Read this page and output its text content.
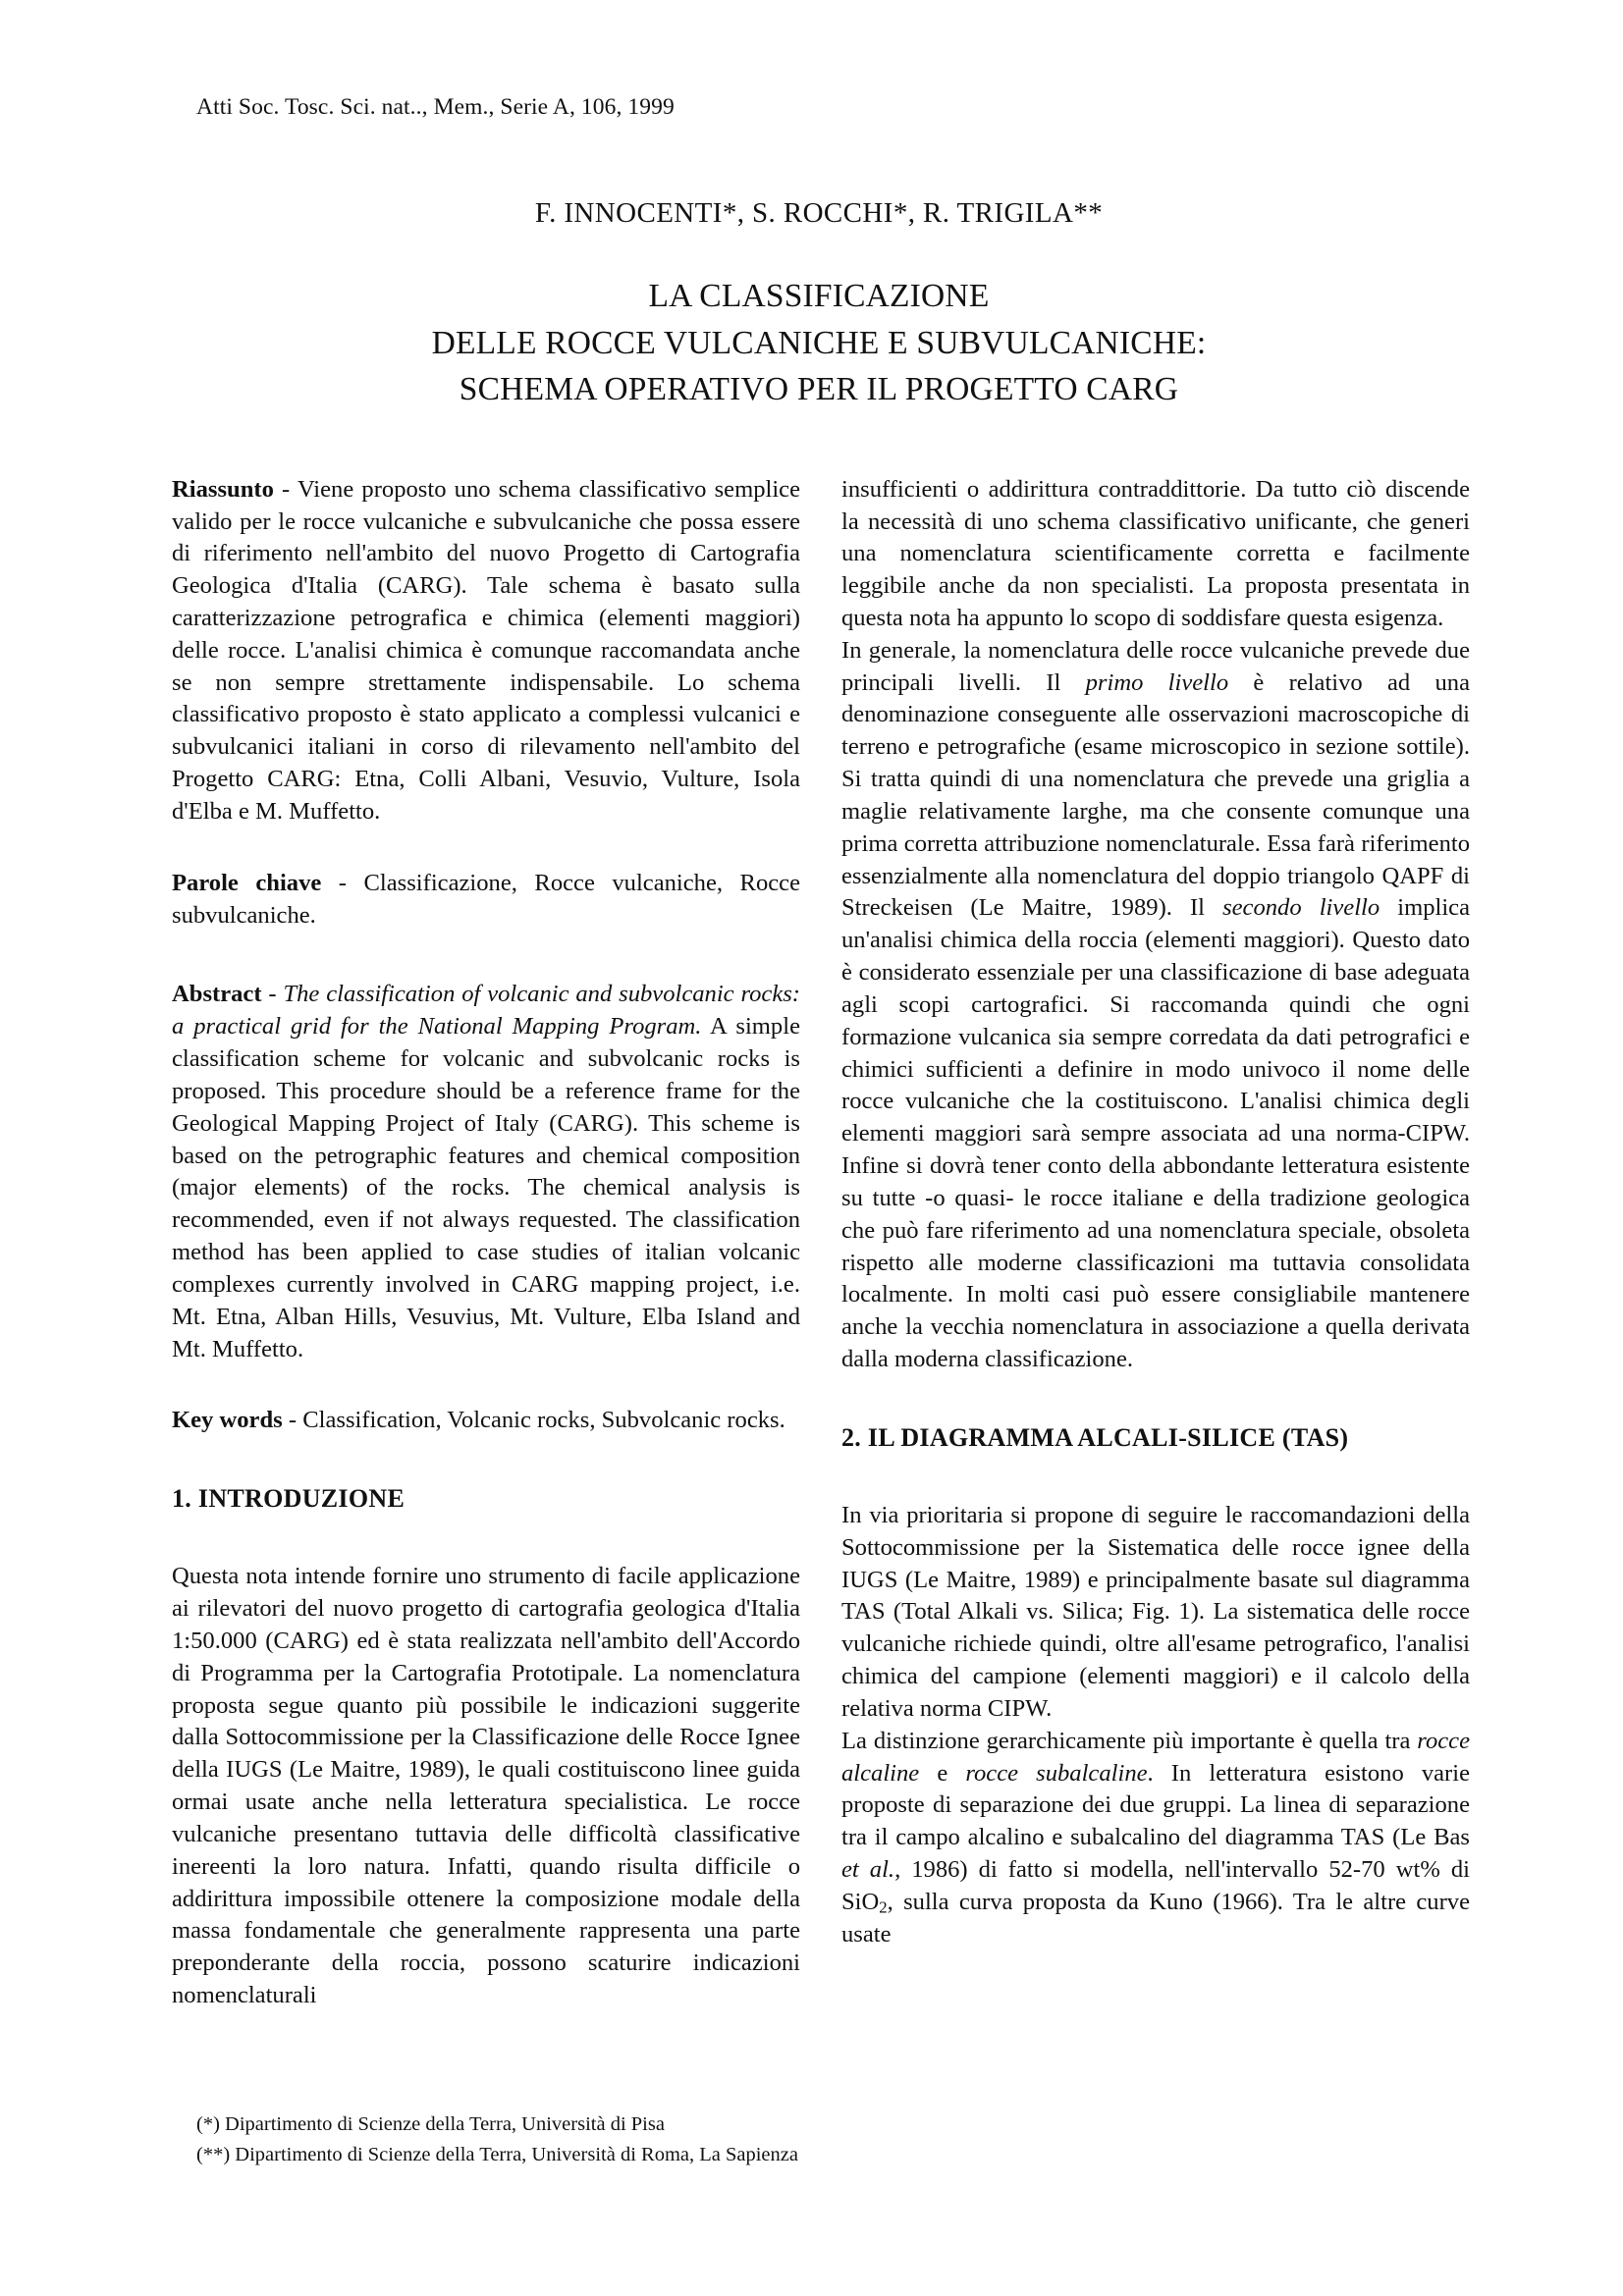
Atti Soc. Tosc. Sci. nat.., Mem., Serie A, 106, 1999
F. INNOCENTI*, S. ROCCHI*, R. TRIGILA**
LA CLASSIFICAZIONE
DELLE ROCCE VULCANICHE E SUBVULCANICHE:
SCHEMA OPERATIVO PER IL PROGETTO CARG

Riassunto - Viene proposto uno schema classificativo semplice valido per le rocce vulcaniche e subvulcaniche che possa essere di riferimento nell'ambito del nuovo Progetto di Cartografia Geologica d'Italia (CARG). Tale schema è basato sulla caratterizzazione petrografica e chimica (elementi maggiori) delle rocce. L'analisi chimica è comunque raccomandata anche se non sempre strettamente indispensabile. Lo schema classificativo proposto è stato applicato a complessi vulcanici e subvulcanici italiani in corso di rilevamento nell'ambito del Progetto CARG: Etna, Colli Albani, Vesuvio, Vulture, Isola d'Elba e M. Muffetto.

Parole chiave - Classificazione, Rocce vulcaniche, Rocce subvulcaniche.

Abstract - The classification of volcanic and subvolcanic rocks: a practical grid for the National Mapping Program. A simple classification scheme for volcanic and subvolcanic rocks is proposed. This procedure should be a reference frame for the Geological Mapping Project of Italy (CARG). This scheme is based on the petrographic features and chemical composition (major elements) of the rocks. The chemical analysis is recommended, even if not always requested. The classification method has been applied to case studies of italian volcanic complexes currently involved in CARG mapping project, i.e. Mt. Etna, Alban Hills, Vesuvius, Mt. Vulture, Elba Island and Mt. Muffetto.

Key words - Classification, Volcanic rocks, Subvolcanic rocks.

1. INTRODUZIONE

Questa nota intende fornire uno strumento di facile applicazione ai rilevatori del nuovo progetto di cartografia geologica d'Italia 1:50.000 (CARG) ed è stata realizzata nell'ambito dell'Accordo di Programma per la Cartografia Prototipale. La nomenclatura proposta segue quanto più possibile le indicazioni suggerite dalla Sottocommissione per la Classificazione delle Rocce Ignee della IUGS (Le Maitre, 1989), le quali costituiscono linee guida ormai usate anche nella letteratura specialistica. Le rocce vulcaniche presentano tuttavia delle difficoltà classificative inereenti la loro natura. Infatti, quando risulta difficile o addirittura impossibile ottenere la composizione modale della massa fondamentale che generalmente rappresenta una parte preponderante della roccia, possono scaturire indicazioni nomenclaturali

insufficienti o addirittura contraddittorie. Da tutto ciò discende la necessità di uno schema classificativo unificante, che generi una nomenclatura scientificamente corretta e facilmente leggibile anche da non specialisti. La proposta presentata in questa nota ha appunto lo scopo di soddisfare questa esigenza.

In generale, la nomenclatura delle rocce vulcaniche prevede due principali livelli. Il primo livello è relativo ad una denominazione conseguente alle osservazioni macroscopiche di terreno e petrografiche (esame microscopico in sezione sottile). Si tratta quindi di una nomenclatura che prevede una griglia a maglie relativamente larghe, ma che consente comunque una prima corretta attribuzione nomenclaturale. Essa farà riferimento essenzialmente alla nomenclatura del doppio triangolo QAPF di Streckeisen (Le Maitre, 1989). Il secondo livello implica un'analisi chimica della roccia (elementi maggiori). Questo dato è considerato essenziale per una classificazione di base adeguata agli scopi cartografici. Si raccomanda quindi che ogni formazione vulcanica sia sempre corredata da dati petrografici e chimici sufficienti a definire in modo univoco il nome delle rocce vulcaniche che la costituiscono. L'analisi chimica degli elementi maggiori sarà sempre associata ad una norma-CIPW. Infine si dovrà tener conto della abbondante letteratura esistente su tutte -o quasi- le rocce italiane e della tradizione geologica che può fare riferimento ad una nomenclatura speciale, obsoleta rispetto alle moderne classificazioni ma tuttavia consolidata localmente. In molti casi può essere consigliabile mantenere anche la vecchia nomenclatura in associazione a quella derivata dalla moderna classificazione.

2. IL DIAGRAMMA ALCALI-SILICE (TAS)

In via prioritaria si propone di seguire le raccomandazioni della Sottocommissione per la Sistematica delle rocce ignee della IUGS (Le Maitre, 1989) e principalmente basate sul diagramma TAS (Total Alkali vs. Silica; Fig. 1). La sistematica delle rocce vulcaniche richiede quindi, oltre all'esame petrografico, l'analisi chimica del campione (elementi maggiori) e il calcolo della relativa norma CIPW.

La distinzione gerarchicamente più importante è quella tra rocce alcaline e rocce subalcaline. In letteratura esistono varie proposte di separazione dei due gruppi. La linea di separazione tra il campo alcalino e subalcalino del diagramma TAS (Le Bas et al., 1986) di fatto si modella, nell'intervallo 52-70 wt% di SiO$_2$, sulla curva proposta da Kuno (1966). Tra le altre curve usate

(*) Dipartimento di Scienze della Terra, Università di Pisa
(**) Dipartimento di Scienze della Terra, Università di Roma, La Sapienza
